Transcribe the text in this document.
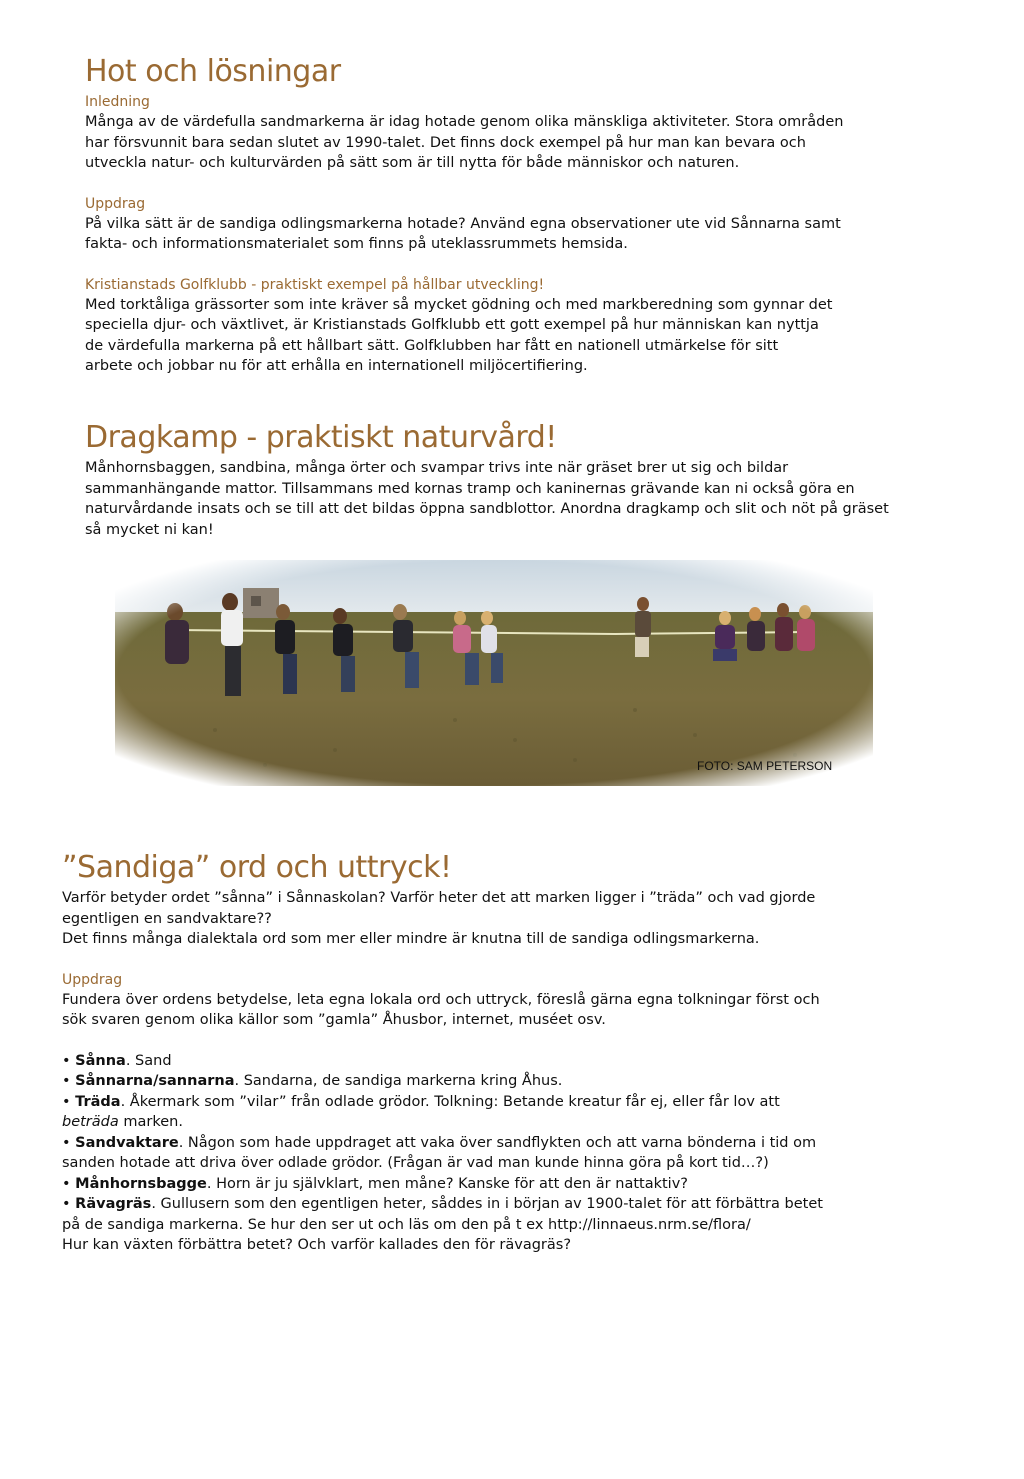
Hot och lösningar
Inledning

Många av de värdefulla sandmarkerna är idag hotade genom olika mänskliga aktiviteter. Stora områden
har försvunnit bara sedan slutet av 1990-talet. Det finns dock exempel på hur man kan bevara och
utveckla natur- och kulturvärden på sätt som är till nytta för både människor och naturen.

Uppdrag

På vilka sätt är de sandiga odlingsmarkerna hotade? Använd egna observationer ute vid Sånnarna samt
fakta- och informationsmaterialet som finns på uteklassrummets hemsida.

Kristianstads Golfklubb - praktiskt exempel på hållbar utveckling!

Med torktåliga grässorter som inte kräver så mycket gödning och med markberedning som gynnar det
speciella djur- och växtlivet, är Kristianstads Golfklubb ett gott exempel på hur människan kan nyttja
de värdefulla markerna på ett hållbart sätt. Golfklubben har fått en nationell utmärkelse för sitt
arbete och jobbar nu för att erhålla en internationell miljöcertifiering.

Dragkamp - praktiskt naturvård!

Månhornsbaggen, sandbina, många örter och svampar trivs inte när gräset brer ut sig och bildar
sammanhängande mattor. Tillsammans med kornas tramp och kaninernas grävande kan ni också göra en
naturvårdande insats och se till att det bildas öppna sandblottor. Anordna dragkamp och slit och nöt på gräset
så mycket ni kan!

FOTO: SAM PETERSON
”Sandiga” ord och uttryck!

Varför betyder ordet ”sånna” i Sånnaskolan? Varför heter det att marken ligger i ”träda” och vad gjorde
egentligen en sandvaktare??
Det finns många dialektala ord som mer eller mindre är knutna till de sandiga odlingsmarkerna.

Uppdrag

Fundera över ordens betydelse, leta egna lokala ord och uttryck, föreslå gärna egna tolkningar först och
sök svaren genom olika källor som ”gamla” Åhusbor, internet, muséet osv.

• Sånna. Sand
• Sånnarna/sannarna. Sandarna, de sandiga markerna kring Åhus.
• Träda. Åkermark som ”vilar” från odlade grödor. Tolkning: Betande kreatur får ej, eller får lov att
beträda marken.
• Sandvaktare. Någon som hade uppdraget att vaka över sandflykten och att varna bönderna i tid om
sanden hotade att driva över odlade grödor. (Frågan är vad man kunde hinna göra på kort tid…?)
• Månhornsbagge. Horn är ju självklart, men måne? Kanske för att den är nattaktiv?
• Rävagräs. Gullusern som den egentligen heter, såddes in i början av 1900-talet för att förbättra betet
på de sandiga markerna. Se hur den ser ut och läs om den på t ex http://linnaeus.nrm.se/flora/
Hur kan växten förbättra betet? Och varför kallades den för rävagräs?
